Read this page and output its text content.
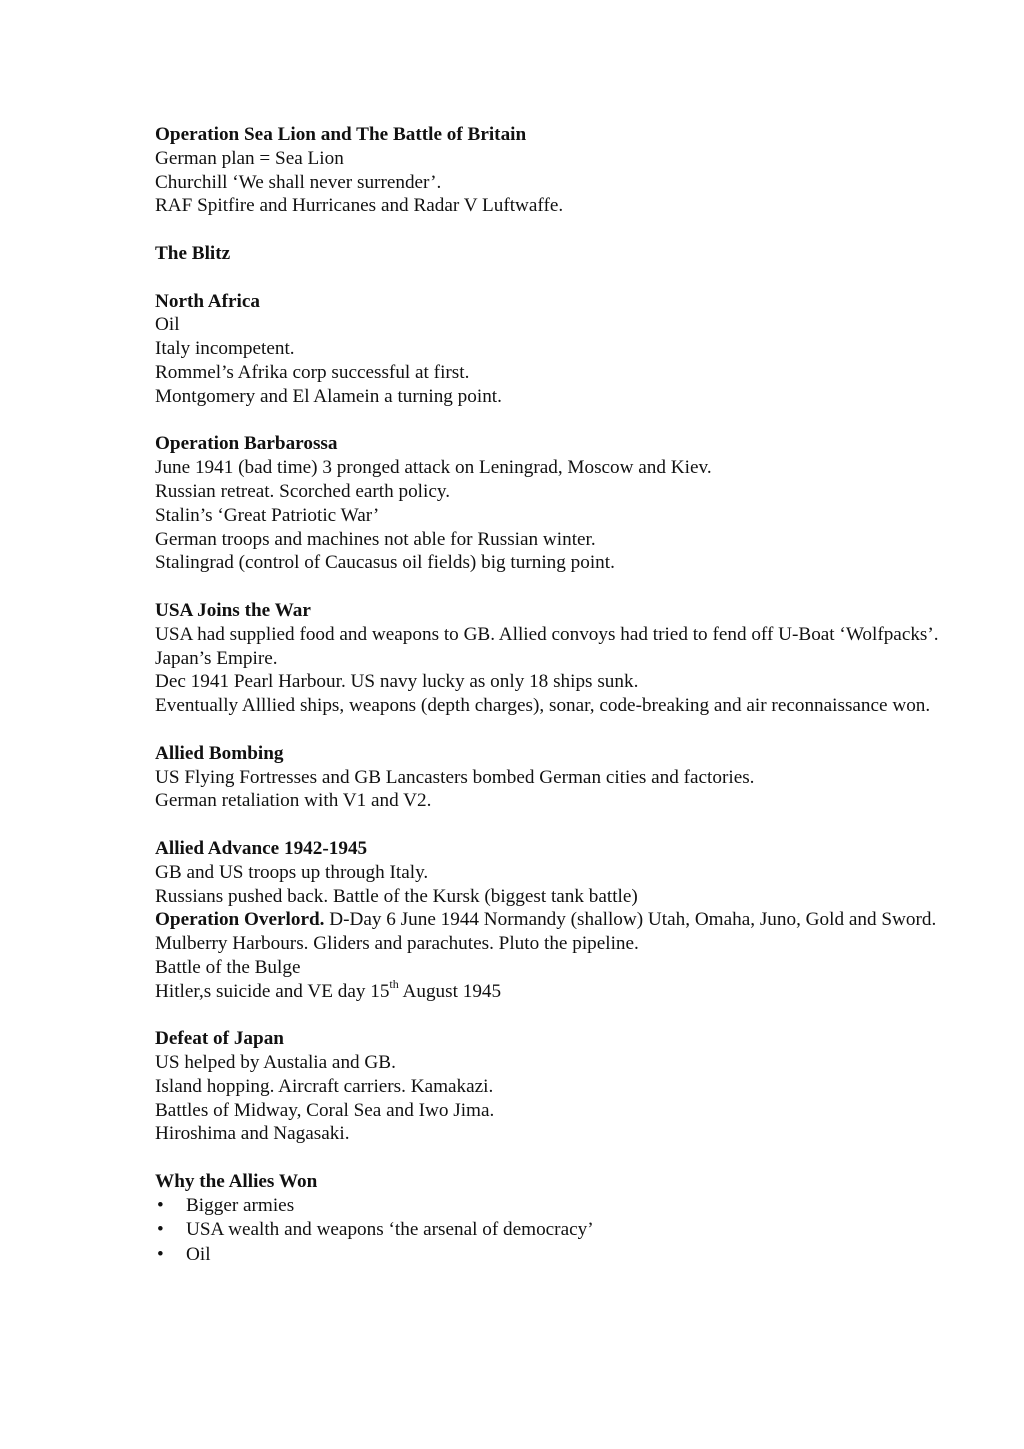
Operation Sea Lion and The Battle of Britain
German plan = Sea Lion
Churchill ‘We shall never surrender’.
RAF Spitfire and Hurricanes and Radar V Luftwaffe.
The Blitz
North Africa
Oil
Italy incompetent.
Rommel’s Afrika corp successful at first.
Montgomery and El Alamein a turning point.
Operation Barbarossa
June 1941 (bad time) 3 pronged attack on Leningrad, Moscow and Kiev.
Russian retreat. Scorched earth policy.
Stalin’s ‘Great Patriotic War’
German troops and machines not able for Russian winter.
Stalingrad (control of Caucasus oil fields) big turning point.
USA Joins the War
USA had supplied food and weapons to GB. Allied convoys had tried to fend off U-Boat ‘Wolfpacks’.
Japan’s Empire.
Dec 1941 Pearl Harbour. US navy lucky as only 18 ships sunk.
Eventually Alllied ships, weapons (depth charges), sonar, code-breaking and air reconnaissance won.
Allied Bombing
US Flying Fortresses and GB Lancasters bombed German cities and factories.
German retaliation with V1 and V2.
Allied Advance 1942-1945
GB and US troops up through Italy.
Russians pushed back. Battle of the Kursk (biggest tank battle)
Operation Overlord. D-Day 6 June 1944 Normandy (shallow) Utah, Omaha, Juno, Gold and Sword. Mulberry Harbours. Gliders and parachutes. Pluto the pipeline.
Battle of the Bulge
Hitler,s suicide and VE day 15th August 1945
Defeat of Japan
US helped by Austalia and GB.
Island hopping. Aircraft carriers. Kamakazi.
Battles of Midway, Coral Sea and Iwo Jima.
Hiroshima and Nagasaki.
Why the Allies Won
• Bigger armies
• USA wealth and weapons ‘the arsenal of democracy’
• Oil
